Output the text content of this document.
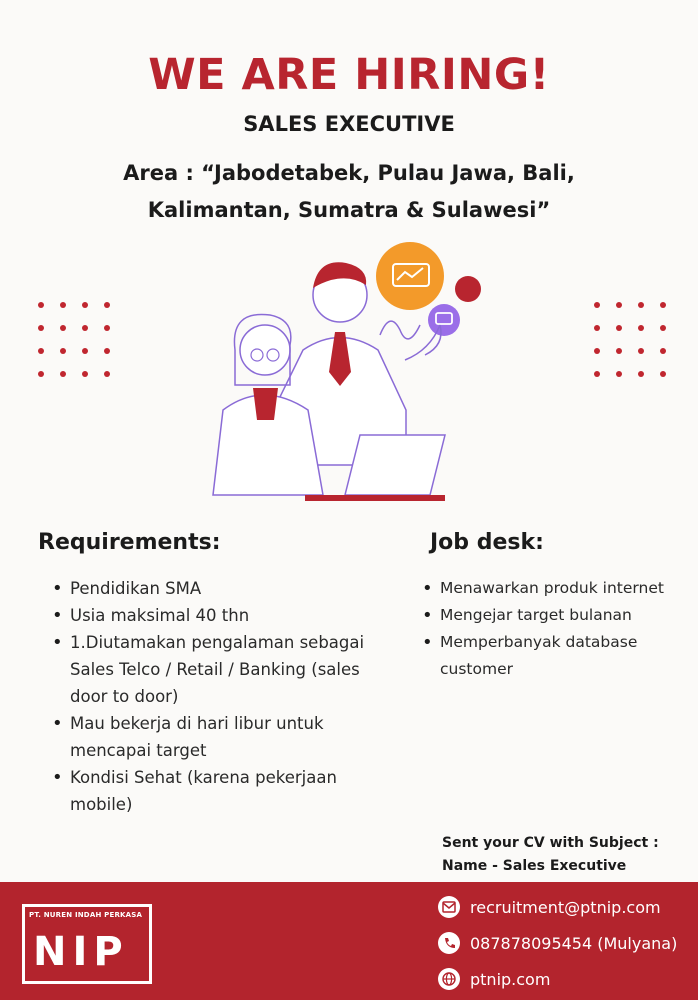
WE ARE HIRING!
SALES EXECUTIVE
Area : “Jabodetabek, Pulau Jawa, Bali,
Kalimantan, Sumatra & Sulawesi”
Requirements:
• Pendidikan SMA
• Usia maksimal 40 thn
• 1.Diutamakan pengalaman sebagai Sales Telco / Retail / Banking (sales door to door)
• Mau bekerja di hari libur untuk mencapai target
• Kondisi Sehat (karena pekerjaan mobile)
Job desk:
• Menawarkan produk internet
• Mengejar target bulanan
• Memperbanyak database customer
Sent your CV with Subject :
Name - Sales Executive
PT. NUREN INDAH PERKASA
NIP
recruitment@ptnip.com
087878095454 (Mulyana)
ptnip.com
